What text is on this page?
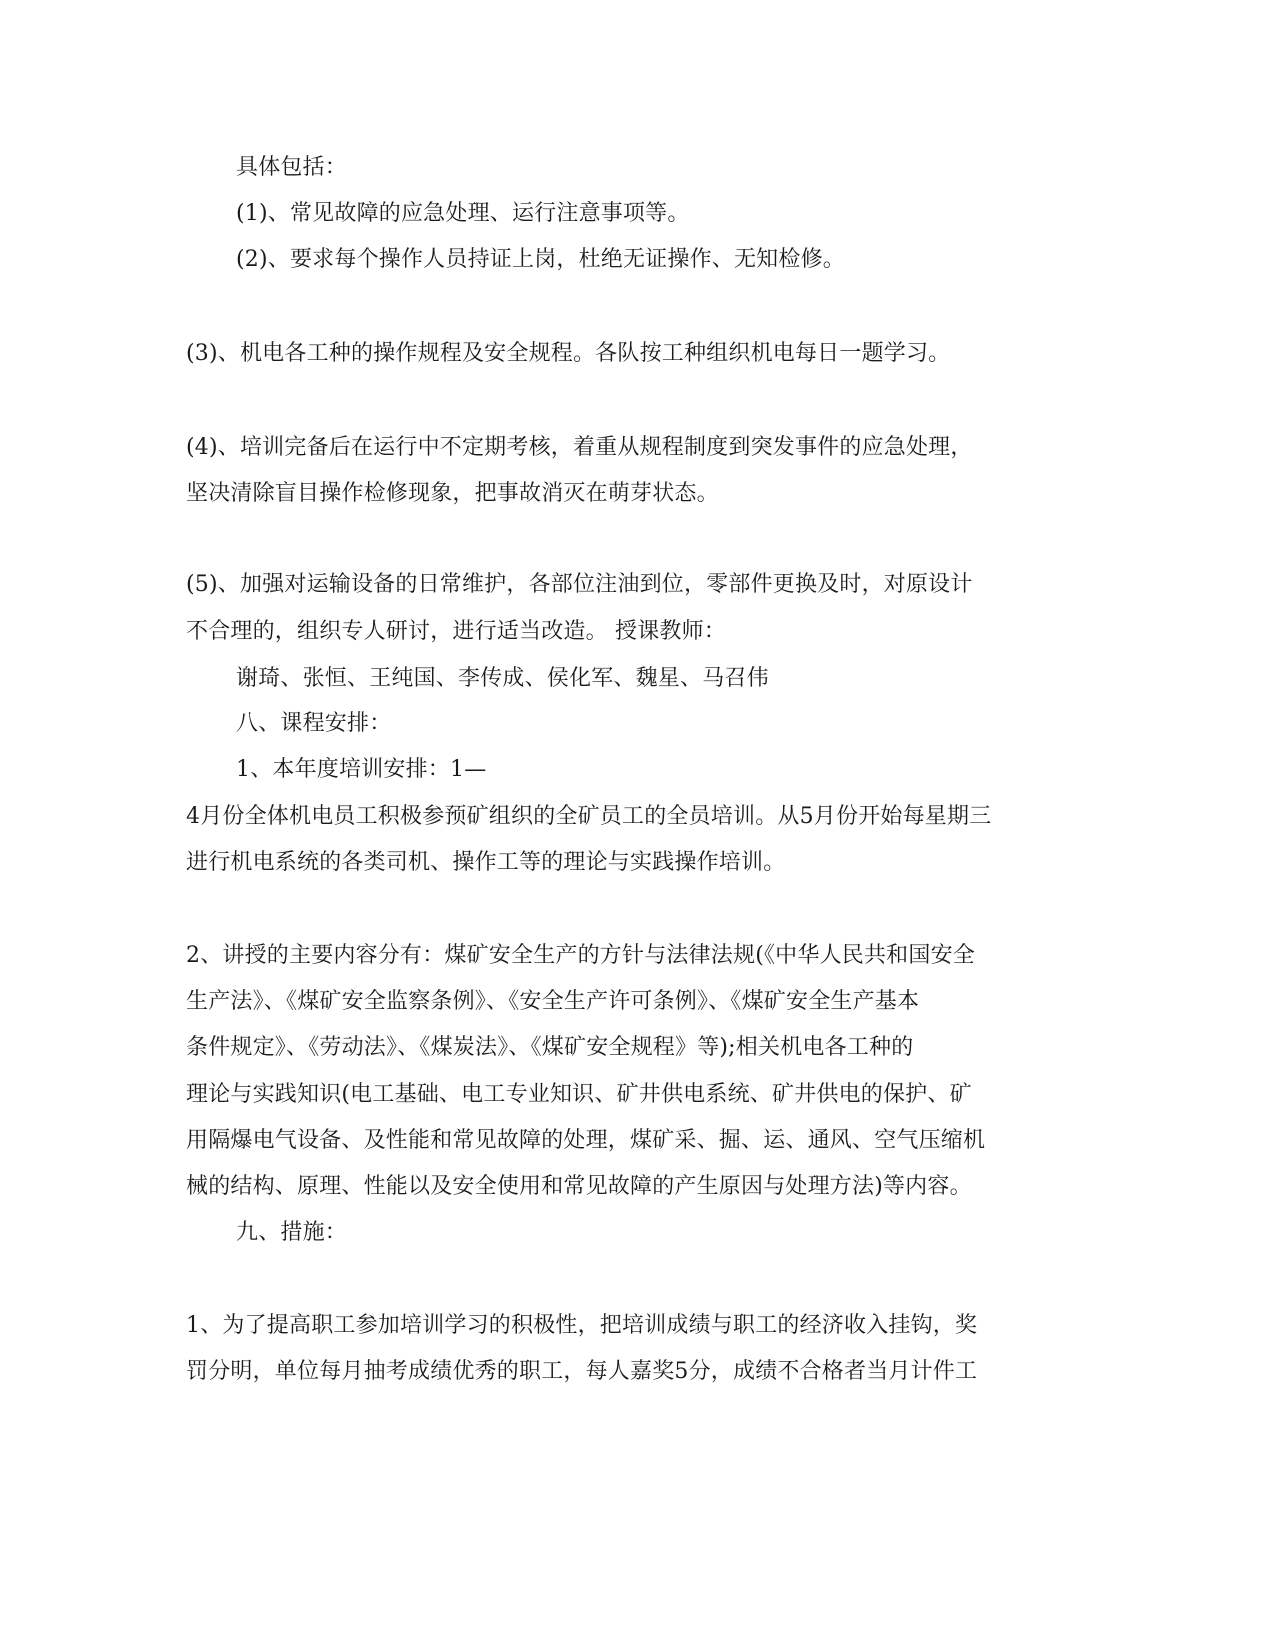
具体包括：
(1)、常见故障的应急处理、运行注意事项等。
(2)、要求每个操作人员持证上岗，杜绝无证操作、无知检修。
(3)、机电各工种的操作规程及安全规程。各队按工种组织机电每日一题学习。
(4)、培训完备后在运行中不定期考核，着重从规程制度到突发事件的应急处理，
坚决清除盲目操作检修现象，把事故消灭在萌芽状态。
(5)、加强对运输设备的日常维护，各部位注油到位，零部件更换及时，对原设计
不合理的，组织专人研讨，进行适当改造。 授课教师：
谢琦、张恒、王纯国、李传成、侯化军、魏星、马召伟
八、课程安排：
1、本年度培训安排：1—
4月份全体机电员工积极参预矿组织的全矿员工的全员培训。从5月份开始每星期三
进行机电系统的各类司机、操作工等的理论与实践操作培训。
2、讲授的主要内容分有：煤矿安全生产的方针与法律法规(《中华人民共和国安全
生产法》、《煤矿安全监察条例》、《安全生产许可条例》、《煤矿安全生产基本
条件规定》、《劳动法》、《煤炭法》、《煤矿安全规程》等);相关机电各工种的
理论与实践知识(电工基础、电工专业知识、矿井供电系统、矿井供电的保护、矿
用隔爆电气设备、及性能和常见故障的处理，煤矿采、掘、运、通风、空气压缩机
械的结构、原理、性能以及安全使用和常见故障的产生原因与处理方法)等内容。
九、措施：
1、为了提高职工参加培训学习的积极性，把培训成绩与职工的经济收入挂钩，奖
罚分明，单位每月抽考成绩优秀的职工，每人嘉奖5分，成绩不合格者当月计件工
